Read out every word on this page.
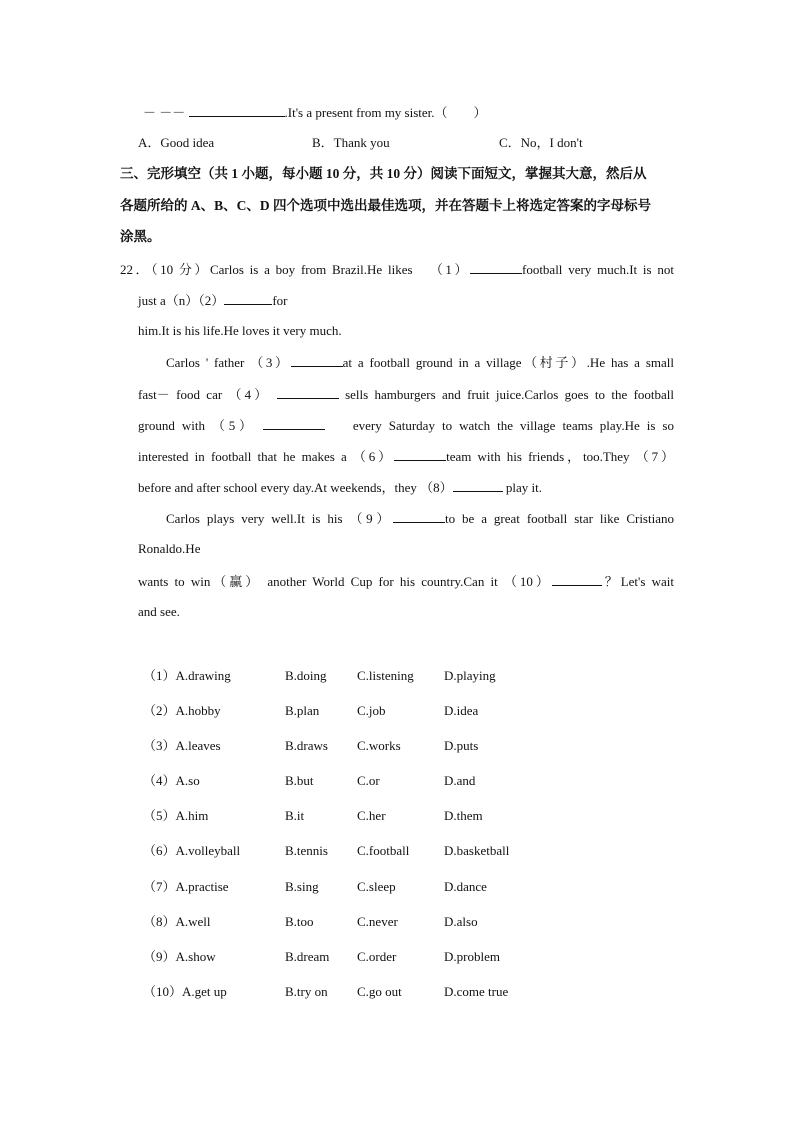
－ －－	.It's a present from my sister.（　　）
A．Good idea	B．Thank you	C．No，I don't
三、完形填空（共 1 小题，每小题 10 分，共 10 分）阅读下面短文，掌握其大意，然后从
各题所给的 A、B、C、D 四个选项中选出最佳选项，并在答题卡上将选定答案的字母标号
涂黑。
22．（10 分）Carlos is a boy from Brazil.He likes （1）	football very much.It is not
just a（n）（2）	for
him.It is his life.He loves it very much.
Carlos ' father （3）	at a football ground in a village（村子）.He has a small
fast－ food car （4）	sells hamburgers and fruit juice.Carlos goes to the football
ground with （5）	every Saturday to watch the village teams play.He is so
interested in football that he makes a （6）	team with his friends，too.They （7）
before and after school every day.At weekends，they （8）	play it.
Carlos plays very well.It is his （9）	to be a great football star like Cristiano
Ronaldo.He
wants to win（赢） another World Cup for his country.Can it （10）	？Let's wait
and see.
（1）A.drawing	B.doing C.listening D.playing
（2）A.hobby	B.plan	C.job	D.idea
（3）A.leaves	B.draws C.works	D.puts
（4）A.so	B.but	C.or	D.and
（5）A.him	B.it	C.her	D.them
（6）A.volleyball	B.tennis C.football	D.basketball
（7）A.practise	B.sing	C.sleep	D.dance
（8）A.well	B.too	C.never	D.also
（9）A.show	B.dream C.order	D.problem
（10）A.get up	B.try on C.go out	D.come true
